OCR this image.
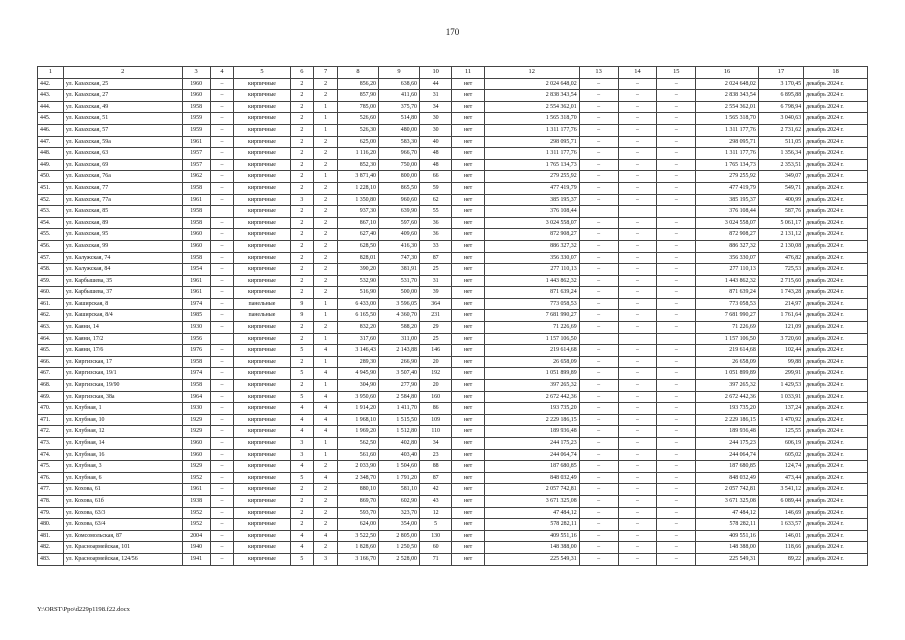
170
1	2	3	4	5	6	7	8	9	10	11	12	13	14	15	16	17	18
442.	ул. Казахская, 25	1960	–	кирпичные	2	2	856,20	638,60	44	нет	2 024 648,02	–	–	–	2 024 648,02	3 170,45	декабрь 2024 г.
443.	ул. Казахская, 27	1960	–	кирпичные	2	2	857,90	411,60	31	нет	2 838 343,54	–	–	–	2 838 343,54	6 895,88	декабрь 2024 г.
444.	ул. Казахская, 49	1958	–	кирпичные	2	1	785,00	375,70	34	нет	2 554 362,01	–	–	–	2 554 362,01	6 798,94	декабрь 2024 г.
445.	ул. Казахская, 51	1959	–	кирпичные	2	1	526,60	514,80	30	нет	1 565 318,70	–	–	–	1 565 318,70	3 040,63	декабрь 2024 г.
446.	ул. Казахская, 57	1959	–	кирпичные	2	1	526,30	480,00	30	нет	1 311 177,76	–	–	–	1 311 177,76	2 731,62	декабрь 2024 г.
447.	ул. Казахская, 59а	1961	–	кирпичные	2	2	625,00	583,30	40	нет	298 095,71	–	–	–	298 095,71	511,05	декабрь 2024 г.
448.	ул. Казахская, 63	1957	–	кирпичные	2	2	1 116,20	966,70	48	нет	1 311 177,76	–	–	–	1 311 177,76	1 356,34	декабрь 2024 г.
449.	ул. Казахская, 69	1957	–	кирпичные	2	2	852,30	750,00	48	нет	1 765 134,73	–	–	–	1 765 134,73	2 353,51	декабрь 2024 г.
450.	ул. Казахская, 76а	1962	–	кирпичные	2	1	3 871,40	800,00	66	нет	279 255,92	–	–	–	279 255,92	349,07	декабрь 2024 г.
451.	ул. Казахская, 77	1958	–	кирпичные	2	2	1 228,10	865,50	59	нет	477 419,79	–	–	–	477 419,79	549,71	декабрь 2024 г.
452.	ул. Казахская, 77а	1961	–	кирпичные	3	2	1 350,80	960,60	62	нет	385 195,37	–	–	–	385 195,37	400,99	декабрь 2024 г.
453.	ул. Казахская, 85	1958		кирпичные	2	2	937,30	639,90	55	нет	376 108,44				376 108,44	587,76	декабрь 2024 г.
454.	ул. Казахская, 89	1958	–	кирпичные	2	2	867,10	597,60	36	нет	3 024 558,07	–	–	–	3 024 558,07	5 061,17	декабрь 2024 г.
455.	ул. Казахская, 95	1960	–	кирпичные	2	2	627,40	409,60	36	нет	872 908,27	–	–	–	872 908,27	2 131,12	декабрь 2024 г.
456.	ул. Казахская, 99	1960	–	кирпичные	2	2	628,50	416,30	33	нет	886 327,32	–	–	–	886 327,32	2 130,08	декабрь 2024 г.
457.	ул. Калужская, 74	1958	–	кирпичные	2	2	828,01	747,30	87	нет	356 330,07	–	–	–	356 330,07	476,82	декабрь 2024 г.
458.	ул. Калужская, 84	1954	–	кирпичные	2	2	390,20	381,91	25	нет	277 110,13	–	–	–	277 110,13	725,53	декабрь 2024 г.
459.	ул. Карбышева, 35	1961	–	кирпичные	2	2	532,90	531,70	31	нет	1 443 862,32	–	–	–	1 443 862,32	2 715,60	декабрь 2024 г.
460.	ул. Карбышева, 37	1961	–	кирпичные	2	2	516,90	500,00	39	нет	871 639,24	–	–	–	871 639,24	1 743,28	декабрь 2024 г.
461.	ул. Каширская, 8	1974	–	панельные	9	1	6 433,00	3 596,05	364	нет	773 058,53	–	–	–	773 058,53	214,97	декабрь 2024 г.
462.	ул. Каширская, 8/4	1985	–	панельные	9	1	6 165,50	4 360,70	231	нет	7 681 990,27	–	–	–	7 681 990,27	1 761,64	декабрь 2024 г.
463.	ул. Каяни, 14	1930	–	кирпичные	2	2	832,20	588,20	29	нет	71 226,69	–	–	–	71 226,69	121,09	декабрь 2024 г.
464.	ул. Каяни, 17/2	1956		кирпичные	2	1	317,60	311,00	25	нет	1 157 106,50				1 157 106,50	3 720,60	декабрь 2024 г.
465.	ул. Каяни, 17/6	1976	–	кирпичные	5	4	3 146,43	2 143,88	146	нет	219 614,68	–	–	–	219 614,68	102,44	декабрь 2024 г.
466.	ул. Киргизская, 17	1958	–	кирпичные	2	1	289,30	266,90	20	нет	26 658,09	–	–	–	26 658,09	99,88	декабрь 2024 г.
467.	ул. Киргизская, 19/1	1974	–	кирпичные	5	4	4 945,90	3 507,40	192	нет	1 051 899,89	–	–	–	1 051 899,89	299,91	декабрь 2024 г.
468.	ул. Киргизская, 19/90	1958	–	кирпичные	2	1	304,90	277,90	20	нет	397 265,32	–	–	–	397 265,32	1 429,53	декабрь 2024 г.
469.	ул. Киргизская, 38а	1964	–	кирпичные	5	4	3 950,60	2 584,80	160	нет	2 672 442,36	–	–	–	2 672 442,36	1 033,91	декабрь 2024 г.
470.	ул. Клубная, 1	1930	–	кирпичные	4	4	1 914,20	1 411,70	86	нет	193 735,20	–	–	–	193 735,20	137,24	декабрь 2024 г.
471.	ул. Клубная, 10	1929	–	кирпичные	4	4	1 968,10	1 515,50	109	нет	2 229 186,15	–	–	–	2 229 186,15	1 470,92	декабрь 2024 г.
472.	ул. Клубная, 12	1929	–	кирпичные	4	4	1 969,20	1 512,80	110	нет	189 936,48	–	–	–	189 936,48	125,55	декабрь 2024 г.
473.	ул. Клубная, 14	1960	–	кирпичные	3	1	562,50	402,80	34	нет	244 175,23	–	–	–	244 175,23	606,19	декабрь 2024 г.
474.	ул. Клубная, 16	1960	–	кирпичные	3	1	561,60	403,40	23	нет	244 064,74	–	–	–	244 064,74	605,02	декабрь 2024 г.
475.	ул. Клубная, 3	1929	–	кирпичные	4	2	2 033,90	1 504,60	88	нет	187 680,85	–	–	–	187 680,85	124,74	декабрь 2024 г.
476.	ул. Клубная, 6	1952	–	кирпичные	5	4	2 348,70	1 791,20	87	нет	848 032,49	–	–	–	848 032,49	473,44	декабрь 2024 г.
477.	ул. Кохова, 61	1961	–	кирпичные	2	2	880,10	581,10	42	нет	2 057 742,81	–	–	–	2 057 742,81	3 541,12	декабрь 2024 г.
478.	ул. Кохова, 61б	1938	–	кирпичные	2	2	869,70	602,90	43	нет	3 671 325,08	–	–	–	3 671 325,08	6 089,44	декабрь 2024 г.
479.	ул. Кохова, 63/3	1952	–	кирпичные	2	2	593,70	323,70	12	нет	47 484,12	–	–	–	47 484,12	146,69	декабрь 2024 г.
480.	ул. Кохова, 63/4	1952	–	кирпичные	2	2	624,00	354,00	5	нет	578 282,11	–	–	–	578 282,11	1 633,57	декабрь 2024 г.
481.	ул. Комсомольская, 87	2004	–	кирпичные	4	4	3 522,50	2 805,00	130	нет	409 551,16	–	–	–	409 551,16	146,01	декабрь 2024 г.
482.	ул. Красноармейская, 101	1940	–	кирпичные	4	2	1 828,60	1 250,50	60	нет	148 388,00	–	–	–	148 388,00	118,66	декабрь 2024 г.
483.	ул. Красноармейская, 124/56	1941	–	кирпичные	5	3	3 166,70	2 528,00	71	нет	225 549,31	–	–	–	225 549,31	89,22	декабрь 2024 г.
Y:\ORST\Ppo\d229p1198.f22.docx
